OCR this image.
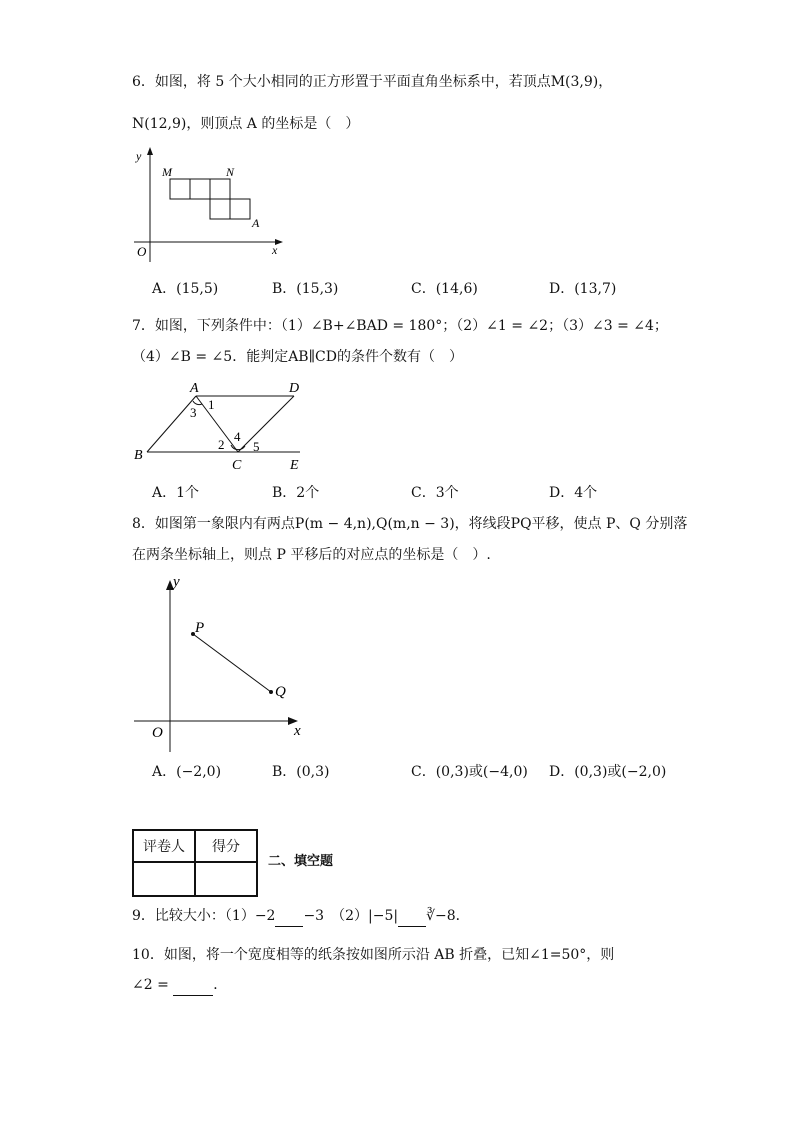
6．如图，将 5 个大小相同的正方形置于平面直角坐标系中，若顶点M(3,9)，
N(12,9)，则顶点 A 的坐标是（　）
y
x
O
M	N
A
A	D
B
C	E
1
2
3
4
5
y
x
O
P
Q
A．(15,5)	B．(15,3)	C．(14,6)	D．(13,7)
7．如图，下列条件中：（1）∠B+∠BAD = 180°；（2）∠1 = ∠2；（3）∠3 = ∠4；
（4）∠B = ∠5．能判定AB∥CD的条件个数有（　）
A．1个	B．2个	C．3个	D．4个
8．如图第一象限内有两点P(m − 4,n),Q(m,n − 3)，将线段PQ平移，使点 P、Q 分别落
在两条坐标轴上，则点 P 平移后的对应点的坐标是（　）.
A．(−2,0)	B．(0,3)	C．(0,3)或(−4,0) D．(0,3)或(−2,0)
评卷人	得分

二、填空题
9．比较大小：（1）−2 −3　（2）|−5| ∛−8．
10．如图，将一个宽度相等的纸条按如图所示沿 AB 折叠，已知∠1=50°，则
∠2 =	．
